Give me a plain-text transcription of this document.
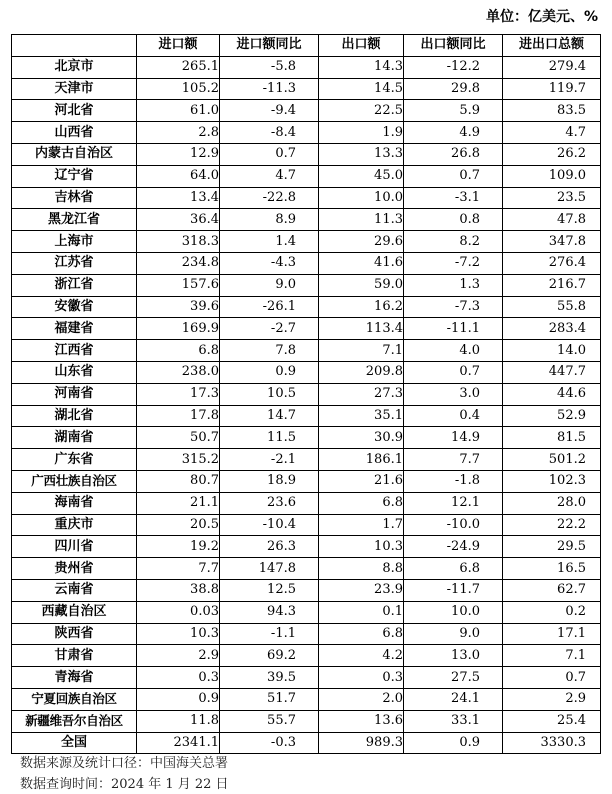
单位：亿美元、%
	进口额	进口额同比	出口额	出口额同比	进出口总额
北京市	265.1	-5.8	14.3	-12.2	279.4
天津市	105.2	-11.3	14.5	29.8	119.7
河北省	61.0	-9.4	22.5	5.9	83.5
山西省	2.8	-8.4	1.9	4.9	4.7
内蒙古自治区	12.9	0.7	13.3	26.8	26.2
辽宁省	64.0	4.7	45.0	0.7	109.0
吉林省	13.4	-22.8	10.0	-3.1	23.5
黑龙江省	36.4	8.9	11.3	0.8	47.8
上海市	318.3	1.4	29.6	8.2	347.8
江苏省	234.8	-4.3	41.6	-7.2	276.4
浙江省	157.6	9.0	59.0	1.3	216.7
安徽省	39.6	-26.1	16.2	-7.3	55.8
福建省	169.9	-2.7	113.4	-11.1	283.4
江西省	6.8	7.8	7.1	4.0	14.0
山东省	238.0	0.9	209.8	0.7	447.7
河南省	17.3	10.5	27.3	3.0	44.6
湖北省	17.8	14.7	35.1	0.4	52.9
湖南省	50.7	11.5	30.9	14.9	81.5
广东省	315.2	-2.1	186.1	7.7	501.2
广西壮族自治区	80.7	18.9	21.6	-1.8	102.3
海南省	21.1	23.6	6.8	12.1	28.0
重庆市	20.5	-10.4	1.7	-10.0	22.2
四川省	19.2	26.3	10.3	-24.9	29.5
贵州省	7.7	147.8	8.8	6.8	16.5
云南省	38.8	12.5	23.9	-11.7	62.7
西藏自治区	0.03	94.3	0.1	10.0	0.2
陕西省	10.3	-1.1	6.8	9.0	17.1
甘肃省	2.9	69.2	4.2	13.0	7.1
青海省	0.3	39.5	0.3	27.5	0.7
宁夏回族自治区	0.9	51.7	2.0	24.1	2.9
新疆维吾尔自治区	11.8	55.7	13.6	33.1	25.4
全国	2341.1	-0.3	989.3	0.9	3330.3
数据来源及统计口径：中国海关总署
数据查询时间：2024 年 1 月 22 日
